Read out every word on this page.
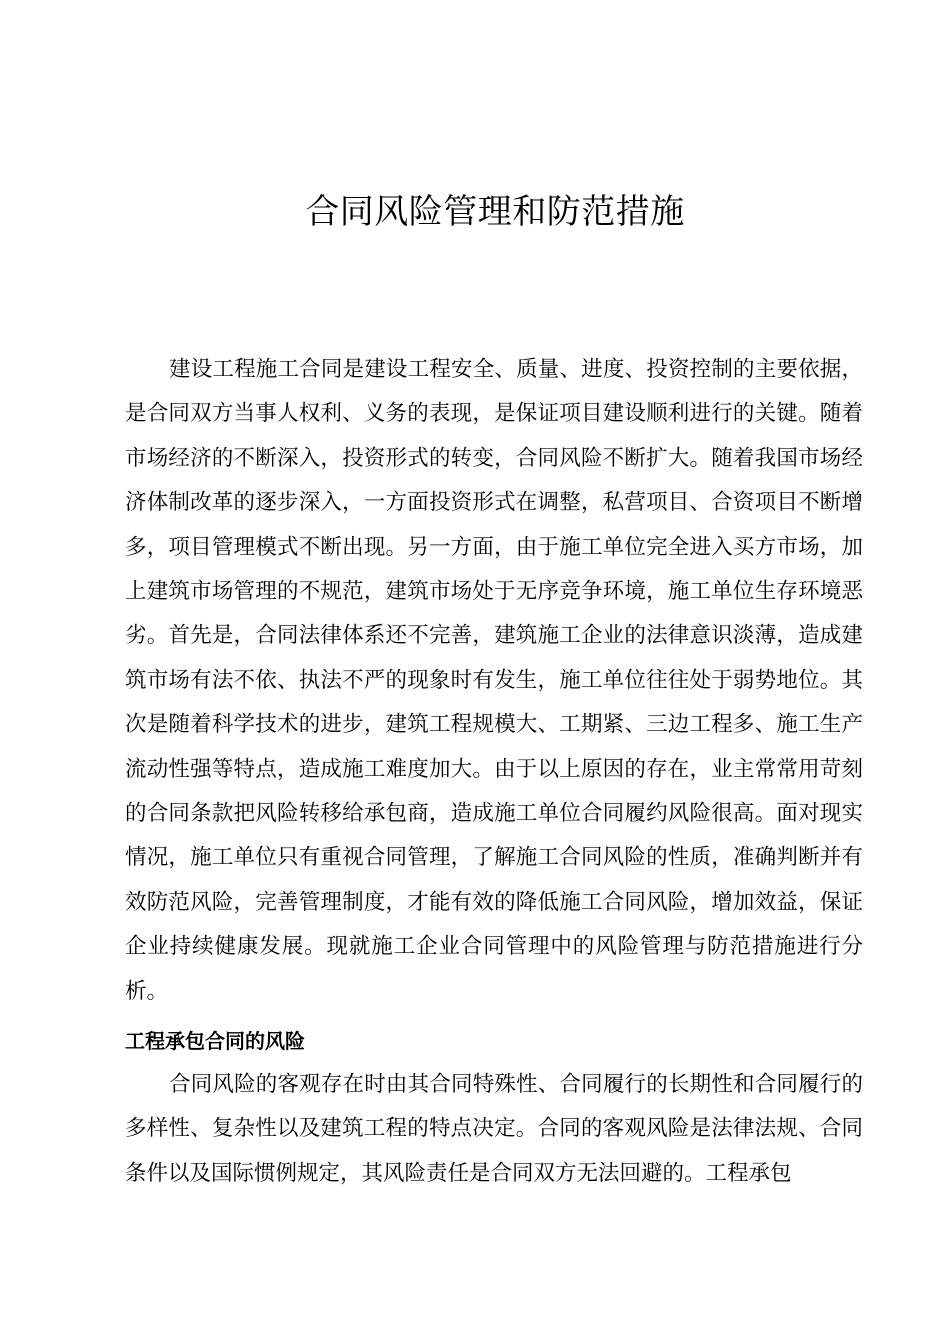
合同风险管理和防范措施

建设工程施工合同是建设工程安全、质量、进度、投资控制的主要依据，是合同双方当事人权利、义务的表现，是保证项目建设顺利进行的关键。随着市场经济的不断深入，投资形式的转变，合同风险不断扩大。随着我国市场经济体制改革的逐步深入，一方面投资形式在调整，私营项目、合资项目不断增多，项目管理模式不断出现。另一方面，由于施工单位完全进入买方市场，加上建筑市场管理的不规范，建筑市场处于无序竞争环境，施工单位生存环境恶劣。首先是，合同法律体系还不完善，建筑施工企业的法律意识淡薄，造成建筑市场有法不依、执法不严的现象时有发生，施工单位往往处于弱势地位。其次是随着科学技术的进步，建筑工程规模大、工期紧、三边工程多、施工生产流动性强等特点，造成施工难度加大。由于以上原因的存在，业主常常用苛刻的合同条款把风险转移给承包商，造成施工单位合同履约风险很高。面对现实情况，施工单位只有重视合同管理，了解施工合同风险的性质，准确判断并有效防范风险，完善管理制度，才能有效的降低施工合同风险，增加效益，保证企业持续健康发展。现就施工企业合同管理中的风险管理与防范措施进行分析。

工程承包合同的风险

合同风险的客观存在时由其合同特殊性、合同履行的长期性和合同履行的多样性、复杂性以及建筑工程的特点决定。合同的客观风险是法律法规、合同条件以及国际惯例规定，其风险责任是合同双方无法回避的。工程承包
